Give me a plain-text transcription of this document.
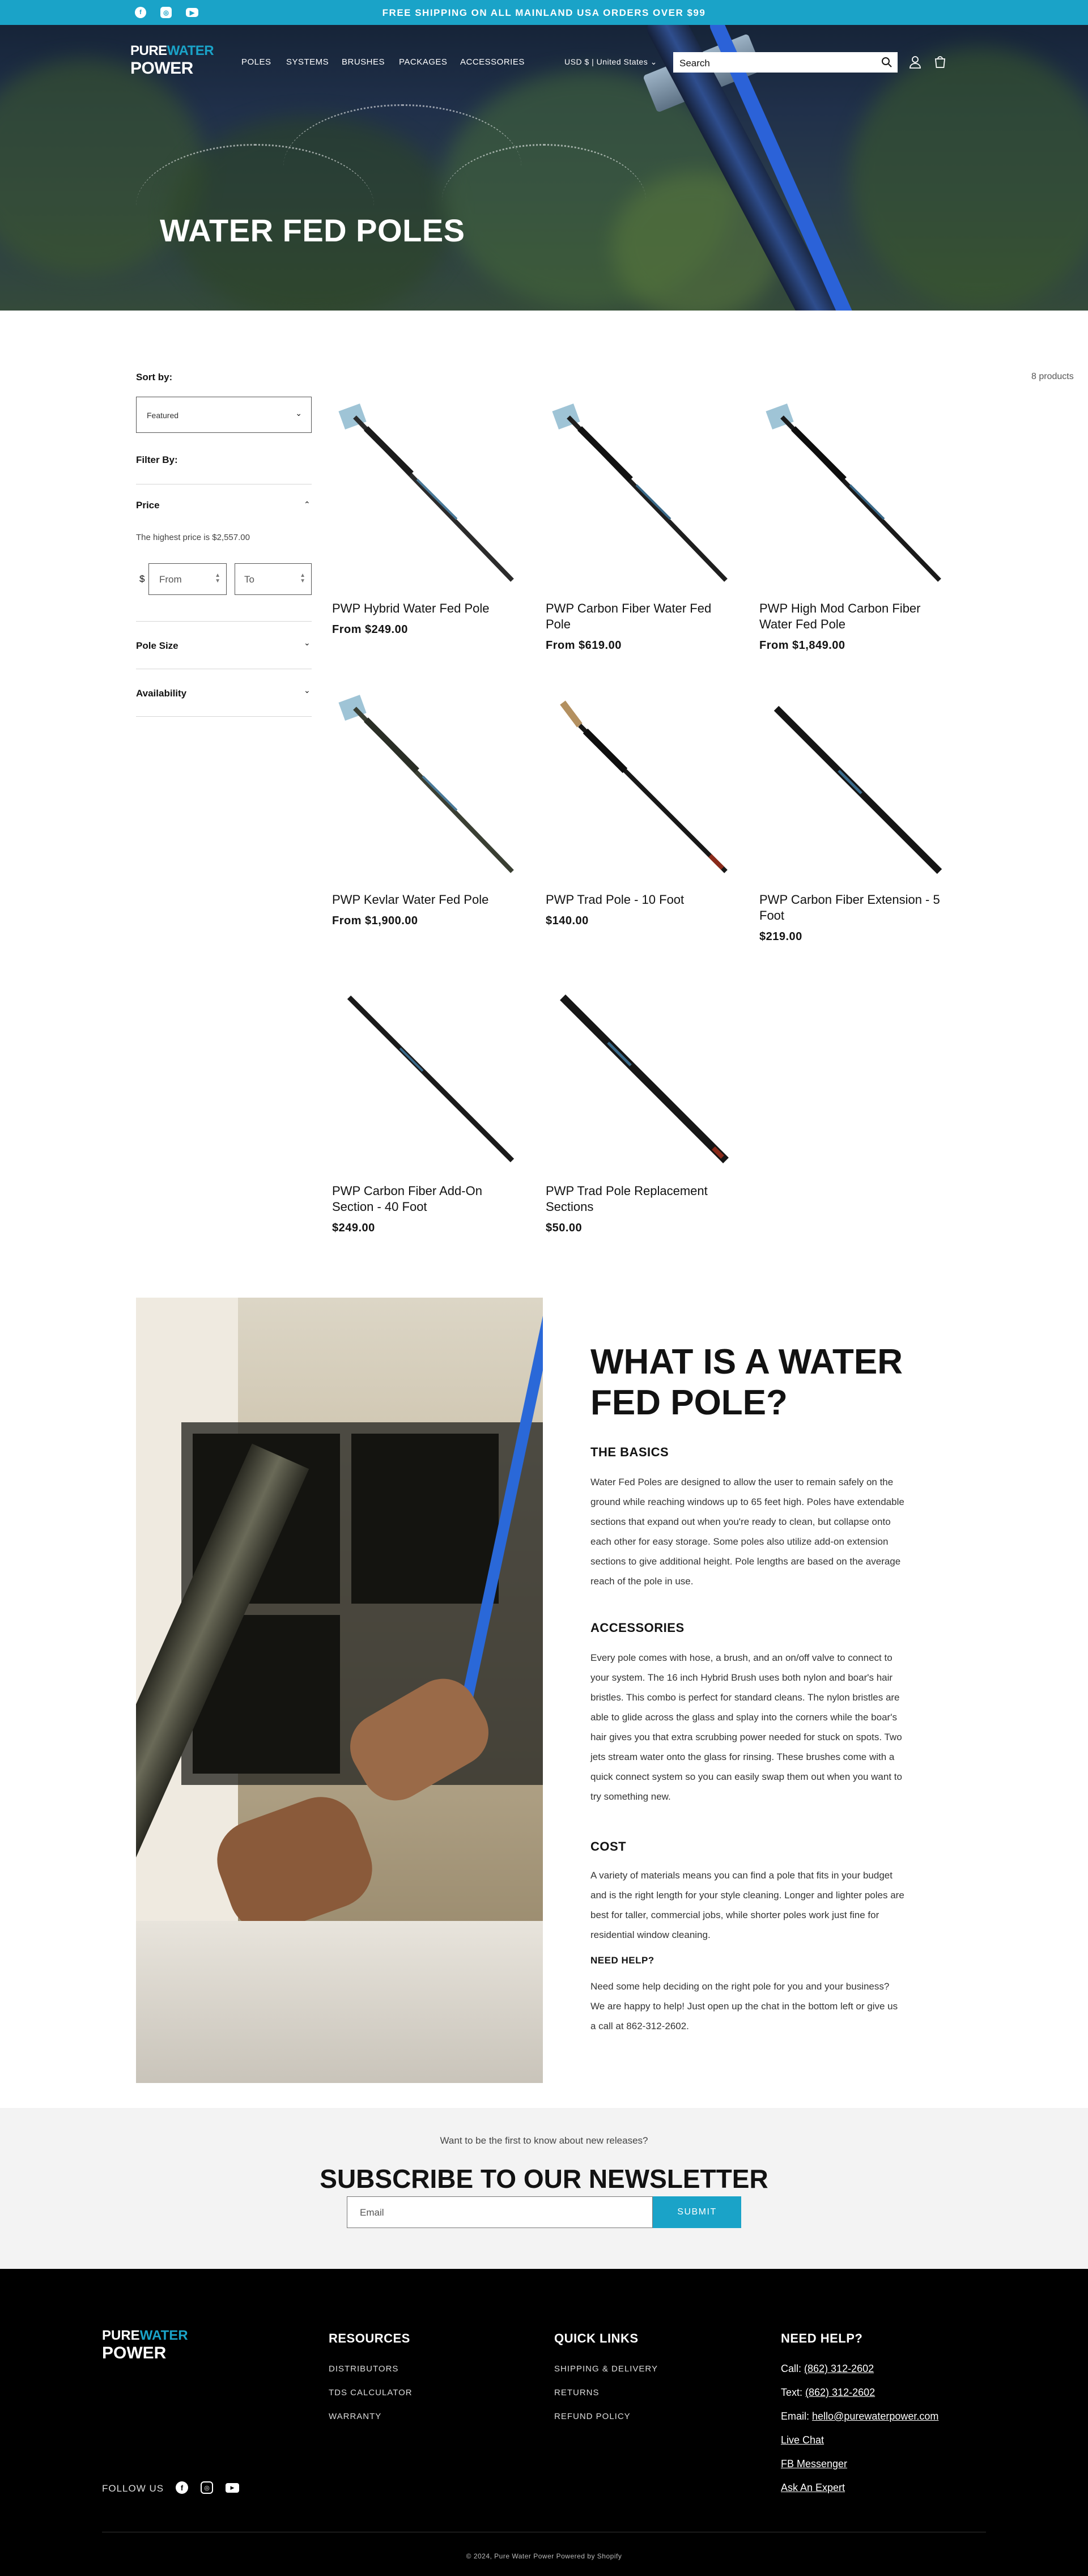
f	◎	▶	FREE SHIPPING ON ALL MAINLAND USA ORDERS OVER $99
WATER FED POLES
PUREWATER
POWER	POLES SYSTEMS BRUSHES PACKAGES ACCESSORIES	USD $ | United States ⌄ Search
Sort by:
Featured	⌄
Filter By:
Price	⌃
The highest price is $2,557.00
$ From	▲
▼ To	▲
▼
Pole Size	⌄
Availability	⌄
8 products
PWP Hybrid Water Fed Pole
From $249.00
PWP Carbon Fiber Water Fed Pole
From $619.00
PWP High Mod Carbon Fiber Water Fed Pole
From $1,849.00
PWP Kevlar Water Fed Pole
From $1,900.00
PWP Trad Pole - 10 Foot
$140.00
PWP Carbon Fiber Extension - 5 Foot
$219.00
PWP Carbon Fiber Add-On Section - 40 Foot
$249.00
PWP Trad Pole Replacement Sections
$50.00
WHAT IS A WATER FED POLE?
THE BASICS
Water Fed Poles are designed to allow the user to remain safely on the ground while reaching windows up to 65 feet high. Poles have extendable sections that expand out when you're ready to clean, but collapse onto each other for easy storage. Some poles also utilize add-on extension sections to give additional height. Pole lengths are based on the average reach of the pole in use.
ACCESSORIES
Every pole comes with hose, a brush, and an on/off valve to connect to your system. The 16 inch Hybrid Brush uses both nylon and boar's hair bristles. This combo is perfect for standard cleans. The nylon bristles are able to glide across the glass and splay into the corners while the boar's hair gives you that extra scrubbing power needed for stuck on spots. Two jets stream water onto the glass for rinsing. These brushes come with a quick connect system so you can easily swap them out when you want to try something new.
COST
A variety of materials means you can find a pole that fits in your budget and is the right length for your style cleaning. Longer and lighter poles are best for taller, commercial jobs, while shorter poles work just fine for residential window cleaning.
NEED HELP?
Need some help deciding on the right pole for you and your business? We are happy to help! Just open up the chat in the bottom left or give us a call at 862-312-2602.
Want to be the first to know about new releases?
SUBSCRIBE TO OUR NEWSLETTER
Email	SUBMIT
PUREWATER
POWER
RESOURCES
DISTRIBUTORS
TDS CALCULATOR
WARRANTY
QUICK LINKS
SHIPPING & DELIVERY
RETURNS
REFUND POLICY
NEED HELP?
Call: (862) 312-2602
Text: (862) 312-2602
Email: hello@purewaterpower.com
Live Chat
FB Messenger
Ask An Expert
FOLLOW US	f	◎	▶
© 2024, Pure Water Power Powered by Shopify
